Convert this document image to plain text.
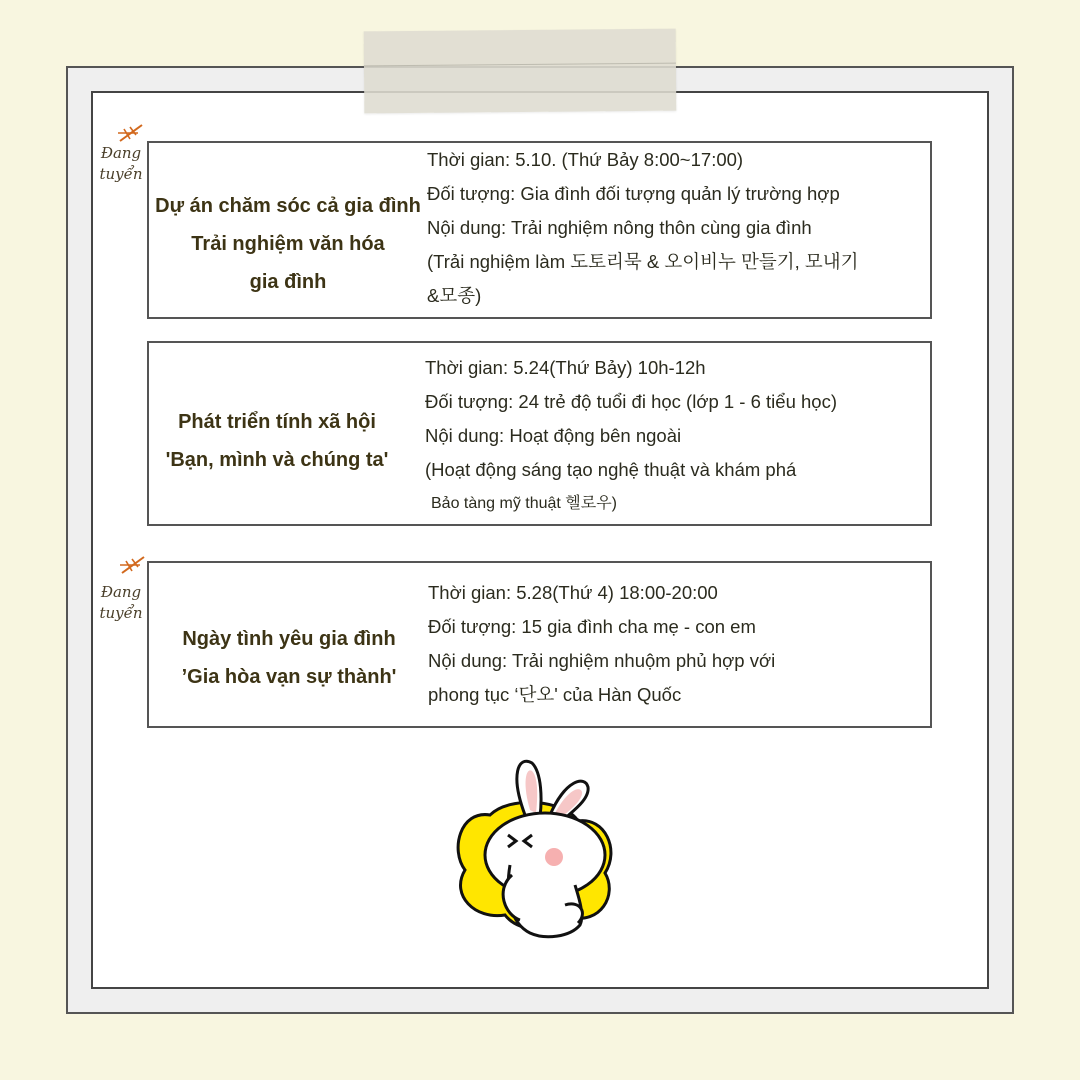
Đang
tuyển
Dự án chăm sóc cả gia đình
Trải nghiệm văn hóa
gia đình
Thời gian: 5.10. (Thứ Bảy 8:00~17:00)
Đối tượng: Gia đình đối tượng quản lý trường hợp
Nội dung: Trải nghiệm nông thôn cùng gia đình
(Trải nghiệm làm 도토리묵 & 오이비누 만들기, 모내기
&모종)
Phát triển tính xã hội
'Bạn, mình và chúng ta'
Thời gian: 5.24(Thứ Bảy) 10h-12h
Đối tượng: 24 trẻ độ tuổi đi học (lớp 1 - 6 tiểu học)
Nội dung: Hoạt động bên ngoài
(Hoạt động sáng tạo nghệ thuật và khám phá
Bảo tàng mỹ thuật 헬로우)
Đang
tuyển
Ngày tình yêu gia đình
’Gia hòa vạn sự thành'
Thời gian: 5.28(Thứ 4) 18:00-20:00
Đối tượng: 15 gia đình cha mẹ - con em
Nội dung: Trải nghiệm nhuộm phủ hợp với
phong tục ‘단오' của Hàn Quốc
